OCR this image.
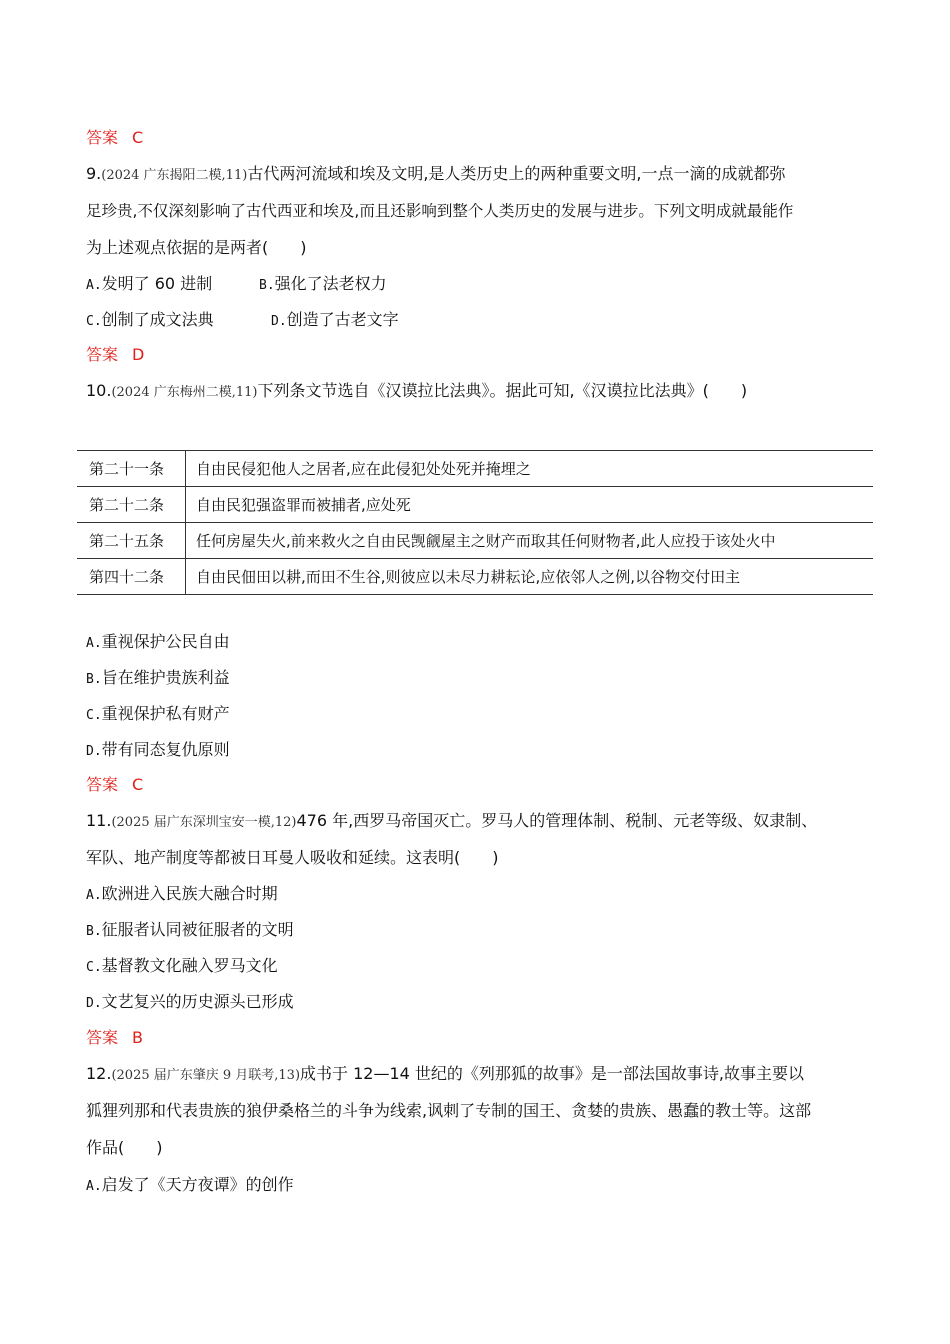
答案 C
9.(2024 广东揭阳二模,11)古代两河流域和埃及文明,是人类历史上的两种重要文明,一点一滴的成就都弥
足珍贵,不仅深刻影响了古代西亚和埃及,而且还影响到整个人类历史的发展与进步。下列文明成就最能作
为上述观点依据的是两者(　　)
A.发明了 60 进制	B.强化了法老权力
C.创制了成文法典	D.创造了古老文字
答案 D
10.(2024 广东梅州二模,11)下列条文节选自《汉谟拉比法典》。据此可知,《汉谟拉比法典》(　　)
第二十一条	自由民侵犯他人之居者,应在此侵犯处处死并掩埋之
第二十二条	自由民犯强盗罪而被捕者,应处死
第二十五条	任何房屋失火,前来救火之自由民觊觎屋主之财产而取其任何财物者,此人应投于该处火中
第四十二条	自由民佃田以耕,而田不生谷,则彼应以未尽力耕耘论,应依邻人之例,以谷物交付田主
A.重视保护公民自由
B.旨在维护贵族利益
C.重视保护私有财产
D.带有同态复仇原则
答案 C
11.(2025 届广东深圳宝安一模,12)476 年,西罗马帝国灭亡。罗马人的管理体制、税制、元老等级、奴隶制、
军队、地产制度等都被日耳曼人吸收和延续。这表明(　　)
A.欧洲进入民族大融合时期
B.征服者认同被征服者的文明
C.基督教文化融入罗马文化
D.文艺复兴的历史源头已形成
答案 B
12.(2025 届广东肇庆 9 月联考,13)成书于 12—14 世纪的《列那狐的故事》是一部法国故事诗,故事主要以
狐狸列那和代表贵族的狼伊桑格兰的斗争为线索,讽刺了专制的国王、贪婪的贵族、愚蠢的教士等。这部
作品(　　)
A.启发了《天方夜谭》的创作
